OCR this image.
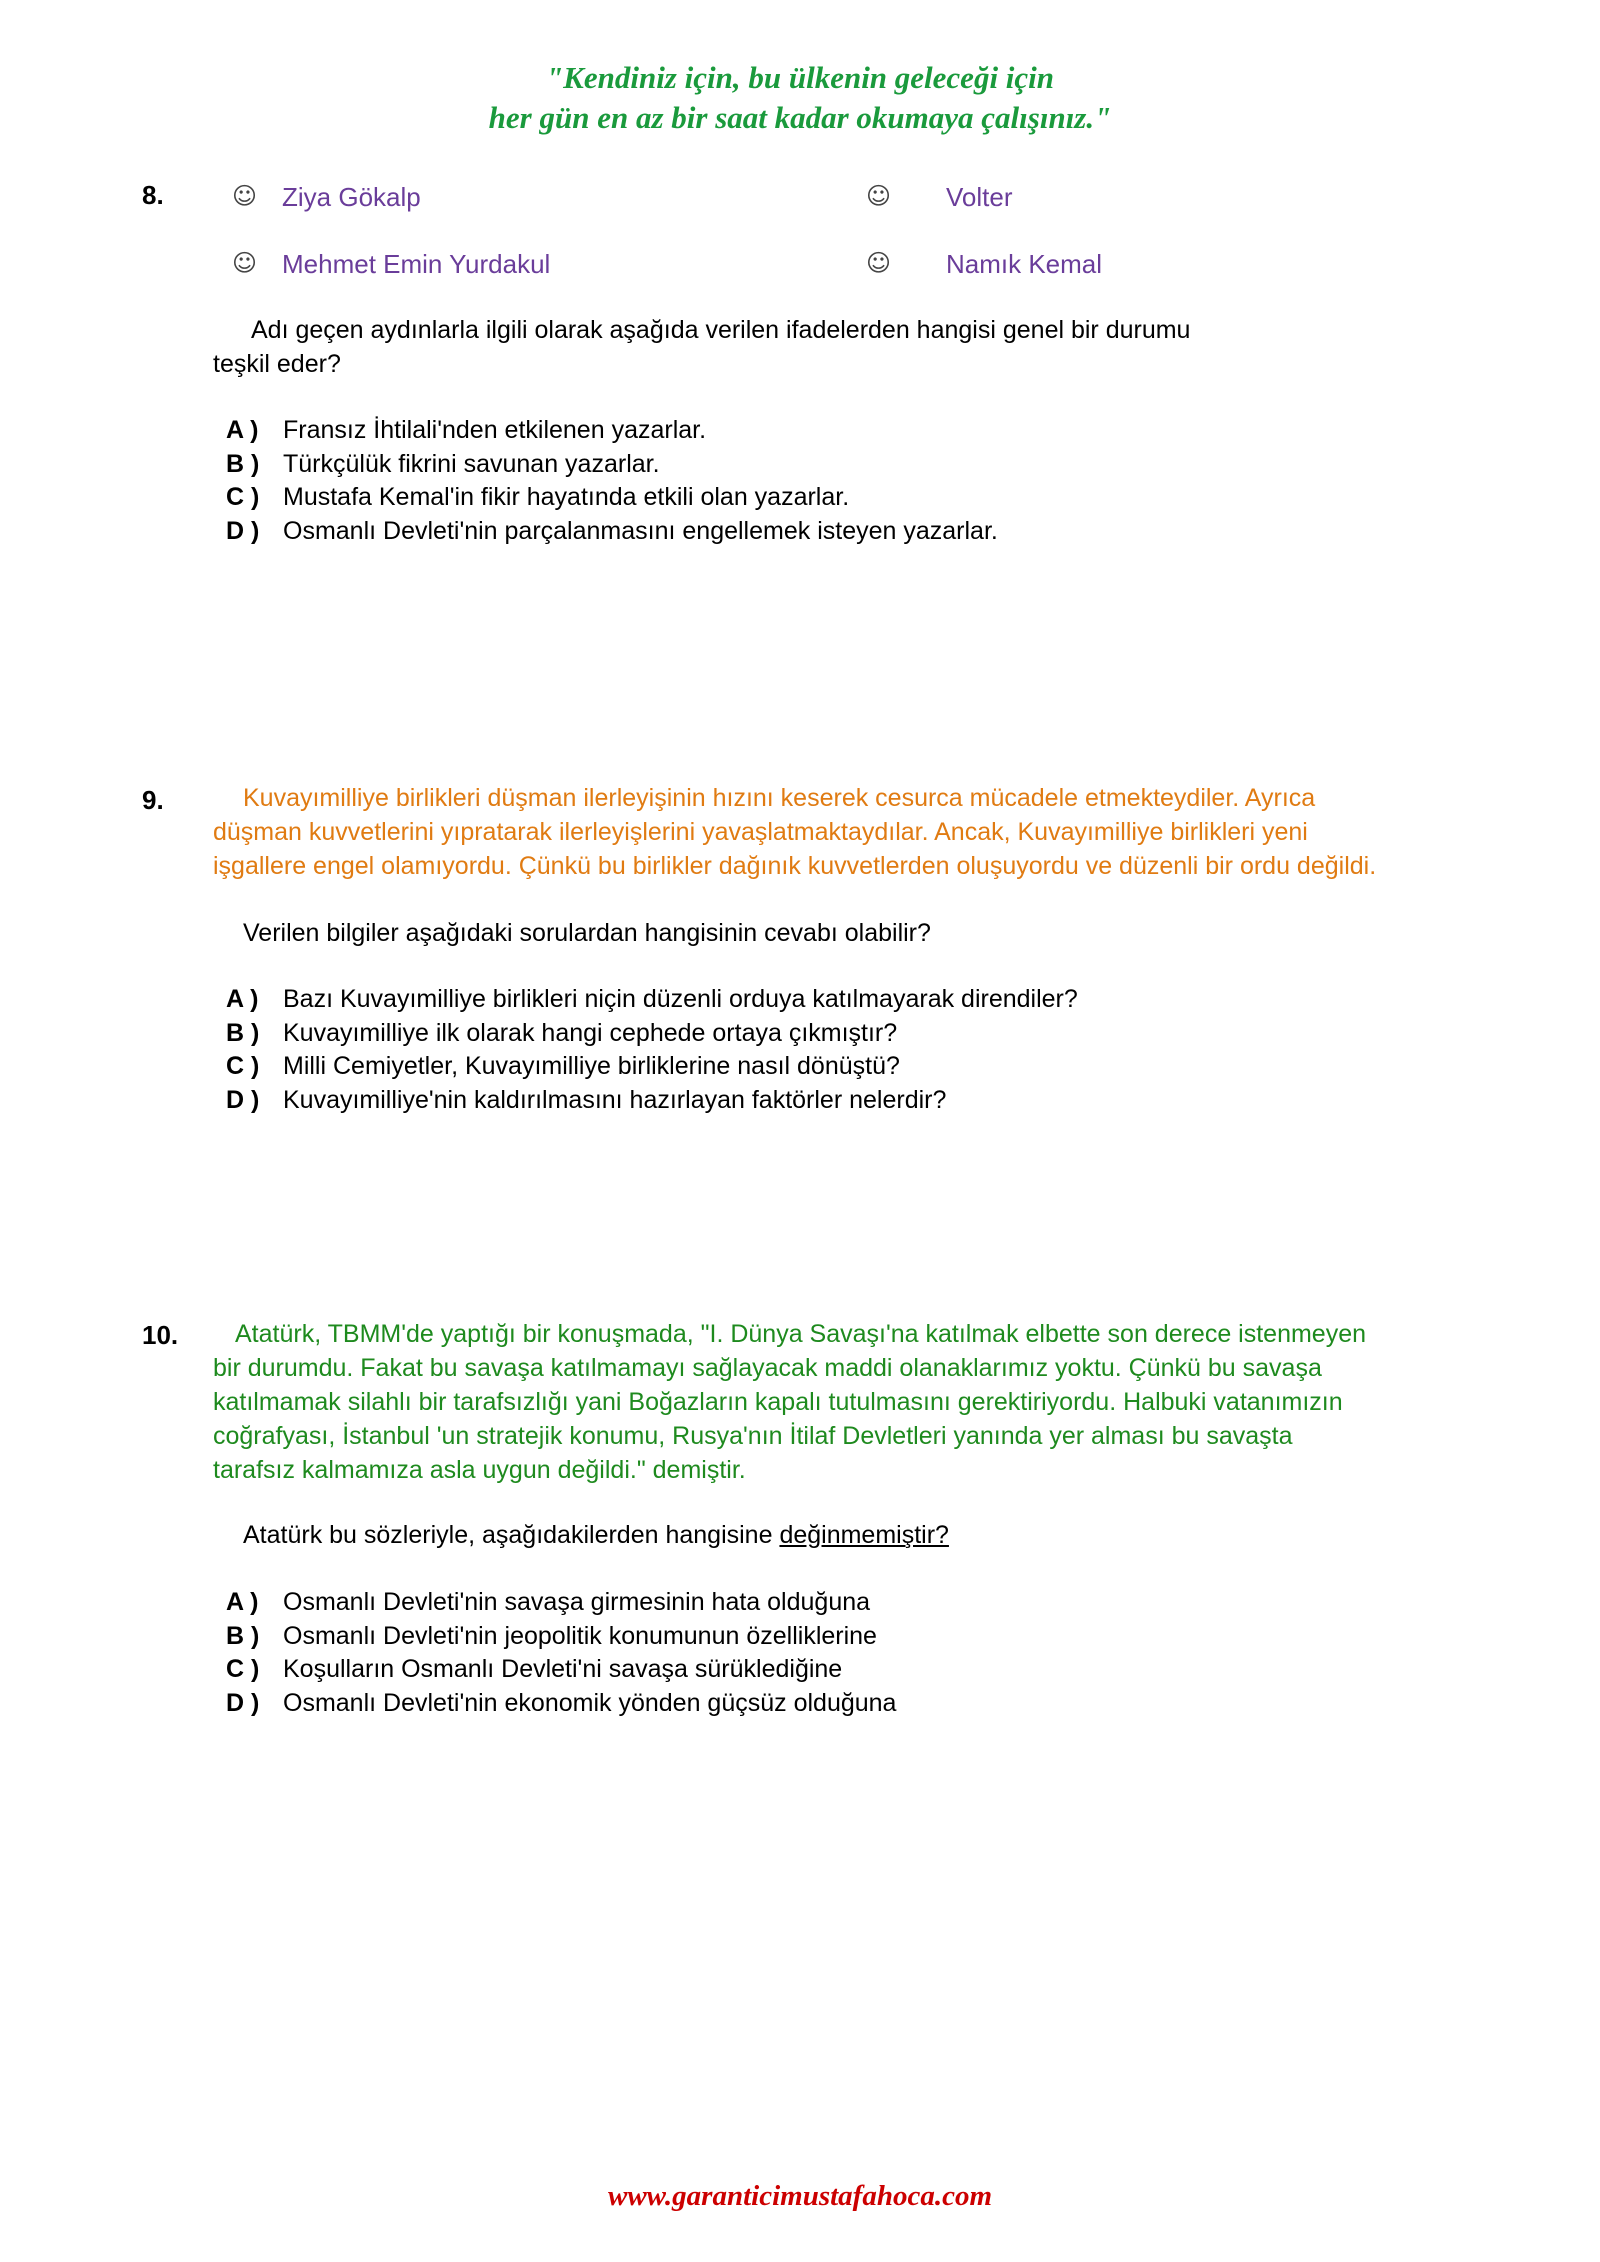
"Kendiniz için, bu ülkenin geleceği için
her gün en az bir saat kadar okumaya çalışınız."
8.	☺ Ziya Gökalp	☺ Volter
☺ Mehmet Emin Yurdakul	☺ Namık Kemal
Adı geçen aydınlarla ilgili olarak aşağıda verilen ifadelerden hangisi genel bir durumu
teşkil eder?
A ) Fransız İhtilali'nden etkilenen yazarlar.
B ) Türkçülük fikrini savunan yazarlar.
C ) Mustafa Kemal'in fikir hayatında etkili olan yazarlar.
D ) Osmanlı Devleti'nin parçalanmasını engellemek isteyen yazarlar.
9.	Kuvayımilliye birlikleri düşman ilerleyişinin hızını keserek cesurca mücadele etmekteydiler. Ayrıca
düşman kuvvetlerini yıpratarak ilerleyişlerini yavaşlatmaktaydılar. Ancak, Kuvayımilliye birlikleri yeni
işgallere engel olamıyordu. Çünkü bu birlikler dağınık kuvvetlerden oluşuyordu ve düzenli bir ordu değildi.
Verilen bilgiler aşağıdaki sorulardan hangisinin cevabı olabilir?
A ) Bazı Kuvayımilliye birlikleri niçin düzenli orduya katılmayarak direndiler?
B ) Kuvayımilliye ilk olarak hangi cephede ortaya çıkmıştır?
C ) Milli Cemiyetler, Kuvayımilliye birliklerine nasıl dönüştü?
D ) Kuvayımilliye'nin kaldırılmasını hazırlayan faktörler nelerdir?
10.	Atatürk, TBMM'de yaptığı bir konuşmada, "I. Dünya Savaşı'na katılmak elbette son derece istenmeyen
bir durumdu. Fakat bu savaşa katılmamayı sağlayacak maddi olanaklarımız yoktu. Çünkü bu savaşa
katılmamak silahlı bir tarafsızlığı yani Boğazların kapalı tutulmasını gerektiriyordu. Halbuki vatanımızın
coğrafyası, İstanbul 'un stratejik konumu, Rusya'nın İtilaf Devletleri yanında yer alması bu savaşta
tarafsız kalmamıza asla uygun değildi." demiştir.
Atatürk bu sözleriyle, aşağıdakilerden hangisine değinmemiştir?
A ) Osmanlı Devleti'nin savaşa girmesinin hata olduğuna
B ) Osmanlı Devleti'nin jeopolitik konumunun özelliklerine
C ) Koşulların Osmanlı Devleti'ni savaşa sürüklediğine
D ) Osmanlı Devleti'nin ekonomik yönden güçsüz olduğuna
www.garanticimustafahoca.com
